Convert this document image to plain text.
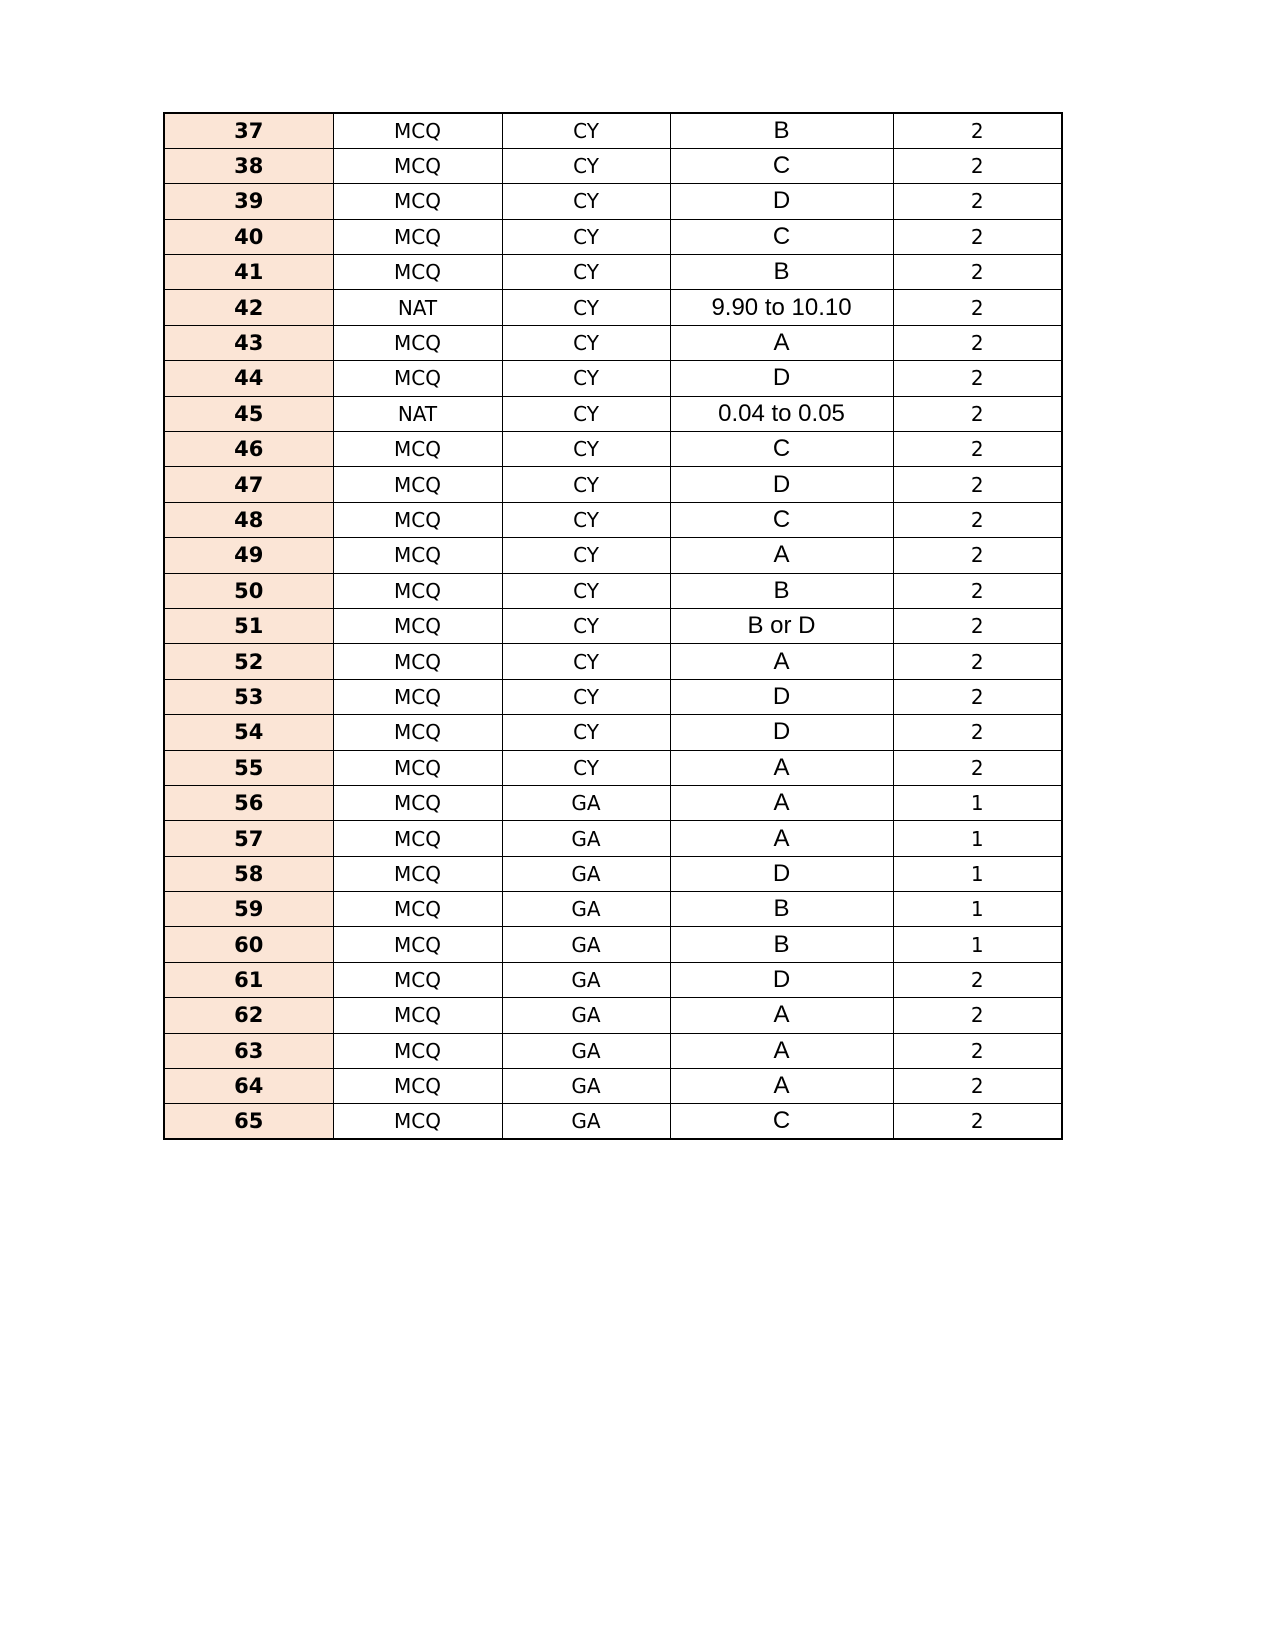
37	MCQ	CY	B	2
38	MCQ	CY	C	2
39	MCQ	CY	D	2
40	MCQ	CY	C	2
41	MCQ	CY	B	2
42	NAT	CY	9.90 to 10.10	2
43	MCQ	CY	A	2
44	MCQ	CY	D	2
45	NAT	CY	0.04 to 0.05	2
46	MCQ	CY	C	2
47	MCQ	CY	D	2
48	MCQ	CY	C	2
49	MCQ	CY	A	2
50	MCQ	CY	B	2
51	MCQ	CY	B or D	2
52	MCQ	CY	A	2
53	MCQ	CY	D	2
54	MCQ	CY	D	2
55	MCQ	CY	A	2
56	MCQ	GA	A	1
57	MCQ	GA	A	1
58	MCQ	GA	D	1
59	MCQ	GA	B	1
60	MCQ	GA	B	1
61	MCQ	GA	D	2
62	MCQ	GA	A	2
63	MCQ	GA	A	2
64	MCQ	GA	A	2
65	MCQ	GA	C	2
